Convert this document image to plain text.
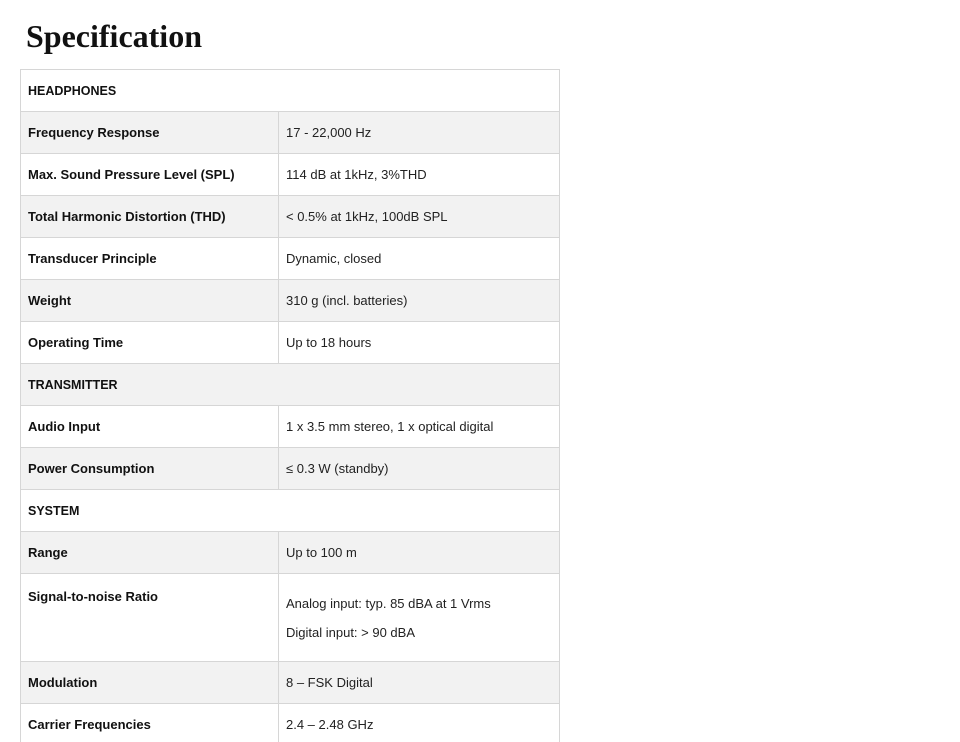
Specification
HEADPHONES	
Frequency Response	17 - 22,000 Hz
Max. Sound Pressure Level (SPL)	114 dB at 1kHz, 3%THD
Total Harmonic Distortion (THD)	< 0.5% at 1kHz, 100dB SPL
Transducer Principle	Dynamic, closed
Weight	310 g (incl. batteries)
Operating Time	Up to 18 hours
TRANSMITTER	
Audio Input	1 x 3.5 mm stereo, 1 x optical digital
Power Consumption	≤ 0.3 W (standby)
SYSTEM	
Range	Up to 100 m
Signal-to-noise Ratio	Analog input: typ. 85 dBA at 1 Vrms
Digital input: > 90 dBA

Modulation	8 – FSK Digital
Carrier Frequencies	2.4 – 2.48 GHz
